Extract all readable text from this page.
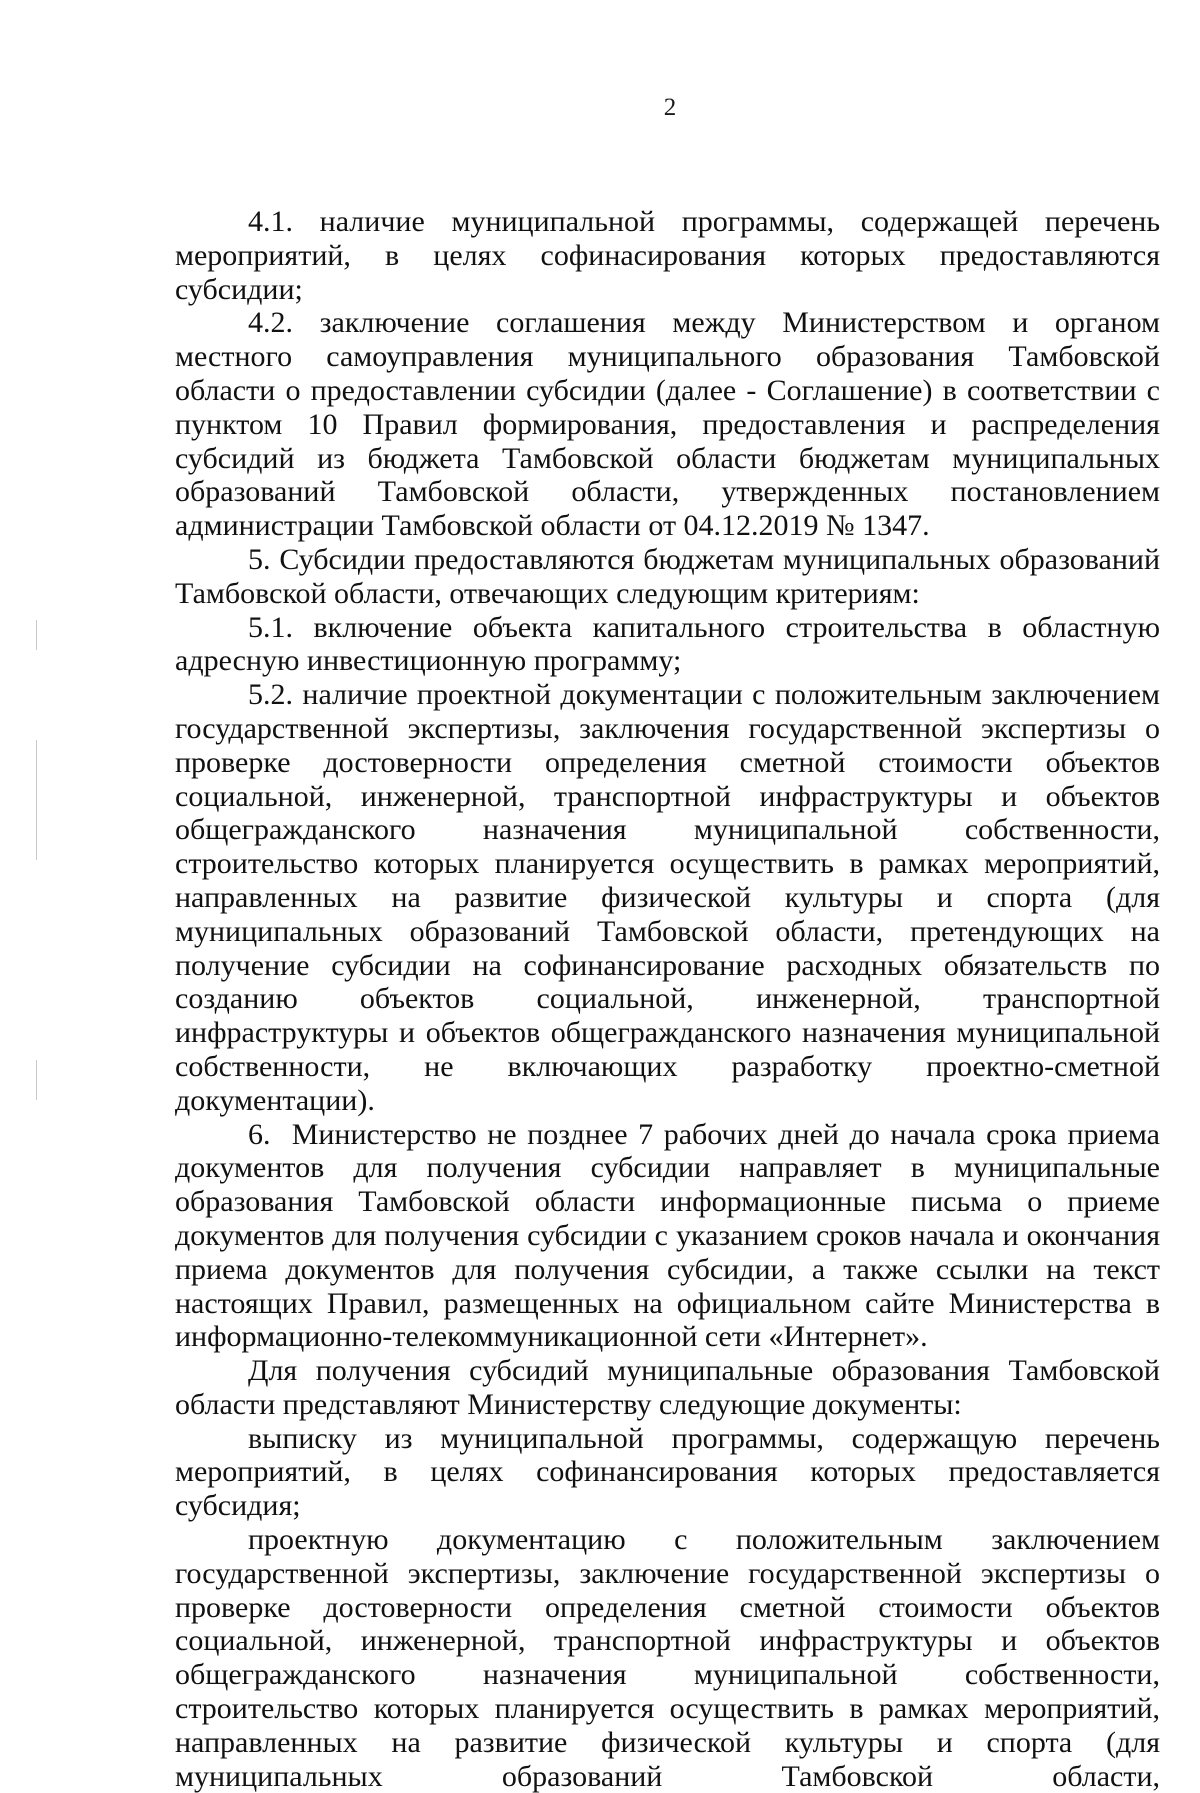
2

4.1.   наличие   муниципальной   программы,   содержащей   перечень мероприятий, в целях софинасирования которых предоставляются субсидии;

4.2. заключение соглашения между Министерством и органом местного самоуправления муниципального образования Тамбовской области о предоставлении субсидии (далее - Соглашение) в соответствии с пунктом 10 Правил формирования, предоставления и распределения субсидий из бюджета Тамбовской области бюджетам муниципальных образований Тамбовской области, утвержденных постановлением администрации Тамбовской области от 04.12.2019 № 1347.

5. Субсидии предоставляются бюджетам муниципальных образований Тамбовской области, отвечающих следующим критериям:

5.1. включение объекта капитального строительства в областную адресную инвестиционную программу;

5.2. наличие проектной документации с положительным заключением государственной экспертизы, заключения государственной экспертизы о проверке достоверности определения сметной стоимости объектов социальной, инженерной, транспортной инфраструктуры и объектов общегражданского назначения муниципальной собственности, строительство которых планируется осуществить в рамках мероприятий, направленных на развитие физической культуры и спорта (для муниципальных образований Тамбовской области, претендующих на получение субсидии на софинансирование расходных обязательств по созданию объектов социальной, инженерной, транспортной инфраструктуры и объектов общегражданского назначения муниципальной собственности, не включающих разработку проектно-сметной документации).

6.  Министерство не позднее 7 рабочих дней до начала срока приема документов для получения субсидии направляет в муниципальные образования Тамбовской области информационные письма о приеме документов для получения субсидии с указанием сроков начала и окончания приема документов для получения субсидии, а также ссылки на текст настоящих Правил, размещенных на официальном сайте Министерства в информационно-телекоммуникационной сети «Интернет».

Для получения субсидий муниципальные образования Тамбовской области представляют Министерству следующие документы:

выписку из муниципальной программы, содержащую перечень мероприятий, в целях софинансирования которых предоставляется субсидия;

проектную документацию с положительным заключением государственной экспертизы, заключение государственной экспертизы о проверке достоверности определения сметной стоимости объектов социальной, инженерной, транспортной инфраструктуры и объектов общегражданского назначения муниципальной собственности, строительство которых планируется осуществить в рамках мероприятий, направленных на развитие физической культуры и спорта (для муниципальных образований Тамбовской области,
